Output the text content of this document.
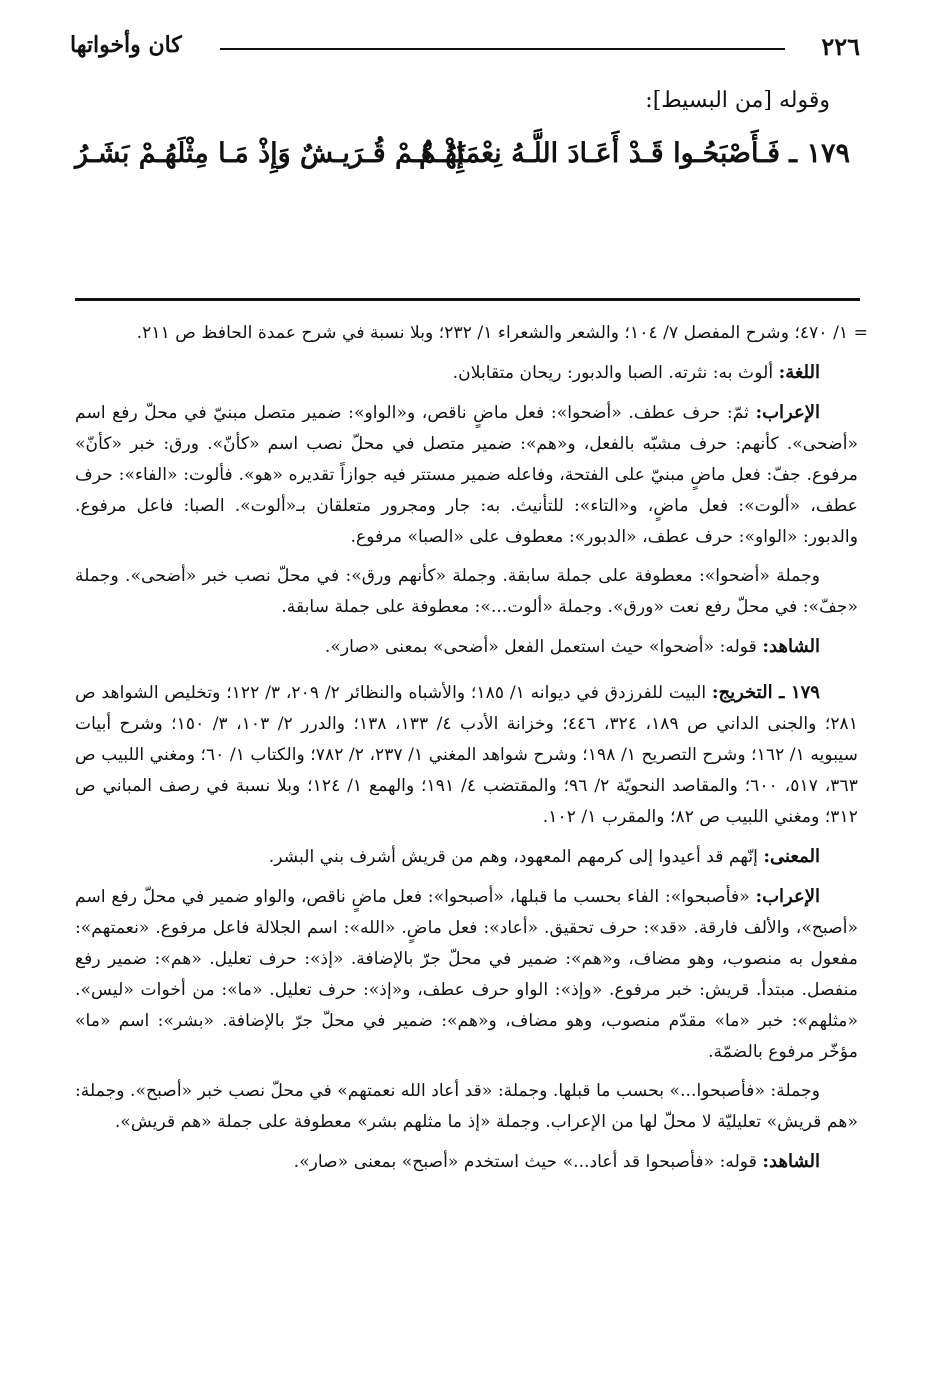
٢٢٦
كان وأخواتها
وقوله [من البسيط]:
١٧٩ ـ
فَـأَصْبَحُـوا قَـدْ أَعَـادَ اللَّـهُ نِعْمَتَهُـمْ
إِذْ هُـمْ قُـرَيـشٌ وَإِذْ مَـا مِثْلَهُـمْ بَشَـرُ

= ١/ ٤٧٠؛ وشرح المفصل ٧/ ١٠٤؛ والشعر والشعراء ١/ ٢٣٢؛ وبلا نسبة في شرح عمدة الحافظ ص ٢١١.

اللغة: ألوث به: نثرته. الصبا والدبور: ريحان متقابلان.

الإعراب: ثمّ: حرف عطف. «أضحوا»: فعل ماضٍ ناقص، و«الواو»: ضمير متصل مبنيّ في محلّ رفع اسم «أضحى». كأنهم: حرف مشبّه بالفعل، و«هم»: ضمير متصل في محلّ نصب اسم «كأنّ». ورق: خبر «كأنّ» مرفوع. جفّ: فعل ماضٍ مبنيّ على الفتحة، وفاعله ضمير مستتر فيه جوازاً تقديره «هو». فألوت: «الفاء»: حرف عطف، «ألوت»: فعل ماضٍ، و«التاء»: للتأنيث. به: جار ومجرور متعلقان بـ«ألوت». الصبا: فاعل مرفوع. والدبور: «الواو»: حرف عطف، «الدبور»: معطوف على «الصبا» مرفوع.

وجملة «أضحوا»: معطوفة على جملة سابقة. وجملة «كأنهم ورق»: في محلّ نصب خبر «أضحى». وجملة «جفّ»: في محلّ رفع نعت «ورق». وجملة «ألوت...»: معطوفة على جملة سابقة.

الشاهد: قوله: «أضحوا» حيث استعمل الفعل «أضحى» بمعنى «صار».

١٧٩ ـ التخريج: البيت للفرزدق في ديوانه ١/ ١٨٥؛ والأشباه والنظائر ٢/ ٢٠٩، ٣/ ١٢٢؛ وتخليص الشواهد ص ٢٨١؛ والجنى الداني ص ١٨٩، ٣٢٤، ٤٤٦؛ وخزانة الأدب ٤/ ١٣٣، ١٣٨؛ والدرر ٢/ ١٠٣، ٣/ ١٥٠؛ وشرح أبيات سيبويه ١/ ١٦٢؛ وشرح التصريح ١/ ١٩٨؛ وشرح شواهد المغني ١/ ٢٣٧، ٢/ ٧٨٢؛ والكتاب ١/ ٦٠؛ ومغني اللبيب ص ٣٦٣، ٥١٧، ٦٠٠؛ والمقاصد النحويّة ٢/ ٩٦؛ والمقتضب ٤/ ١٩١؛ والهمع ١/ ١٢٤؛ وبلا نسبة في رصف المباني ص ٣١٢؛ ومغني اللبيب ص ٨٢؛ والمقرب ١/ ١٠٢.

المعنى: إنّهم قد أعيدوا إلى كرمهم المعهود، وهم من قريش أشرف بني البشر.

الإعراب: «فأصبحوا»: الفاء بحسب ما قبلها، «أصبحوا»: فعل ماضٍ ناقص، والواو ضمير في محلّ رفع اسم «أصبح»، والألف فارقة. «قد»: حرف تحقيق. «أعاد»: فعل ماضٍ. «الله»: اسم الجلالة فاعل مرفوع. «نعمتهم»: مفعول به منصوب، وهو مضاف، و«هم»: ضمير في محلّ جرّ بالإضافة. «إذ»: حرف تعليل. «هم»: ضمير رفع منفصل. مبتدأ. قريش: خبر مرفوع. «وإذ»: الواو حرف عطف، و«إذ»: حرف تعليل. «ما»: من أخوات «ليس». «مثلهم»: خبر «ما» مقدّم منصوب، وهو مضاف، و«هم»: ضمير في محلّ جرّ بالإضافة. «بشر»: اسم «ما» مؤخّر مرفوع بالضمّة.

وجملة: «فأصبحوا...» بحسب ما قبلها. وجملة: «قد أعاد الله نعمتهم» في محلّ نصب خبر «أصبح». وجملة: «هم قريش» تعليليّة لا محلّ لها من الإعراب. وجملة «إذ ما مثلهم بشر» معطوفة على جملة «هم قريش».

الشاهد: قوله: «فأصبحوا قد أعاد...» حيث استخدم «أصبح» بمعنى «صار».
